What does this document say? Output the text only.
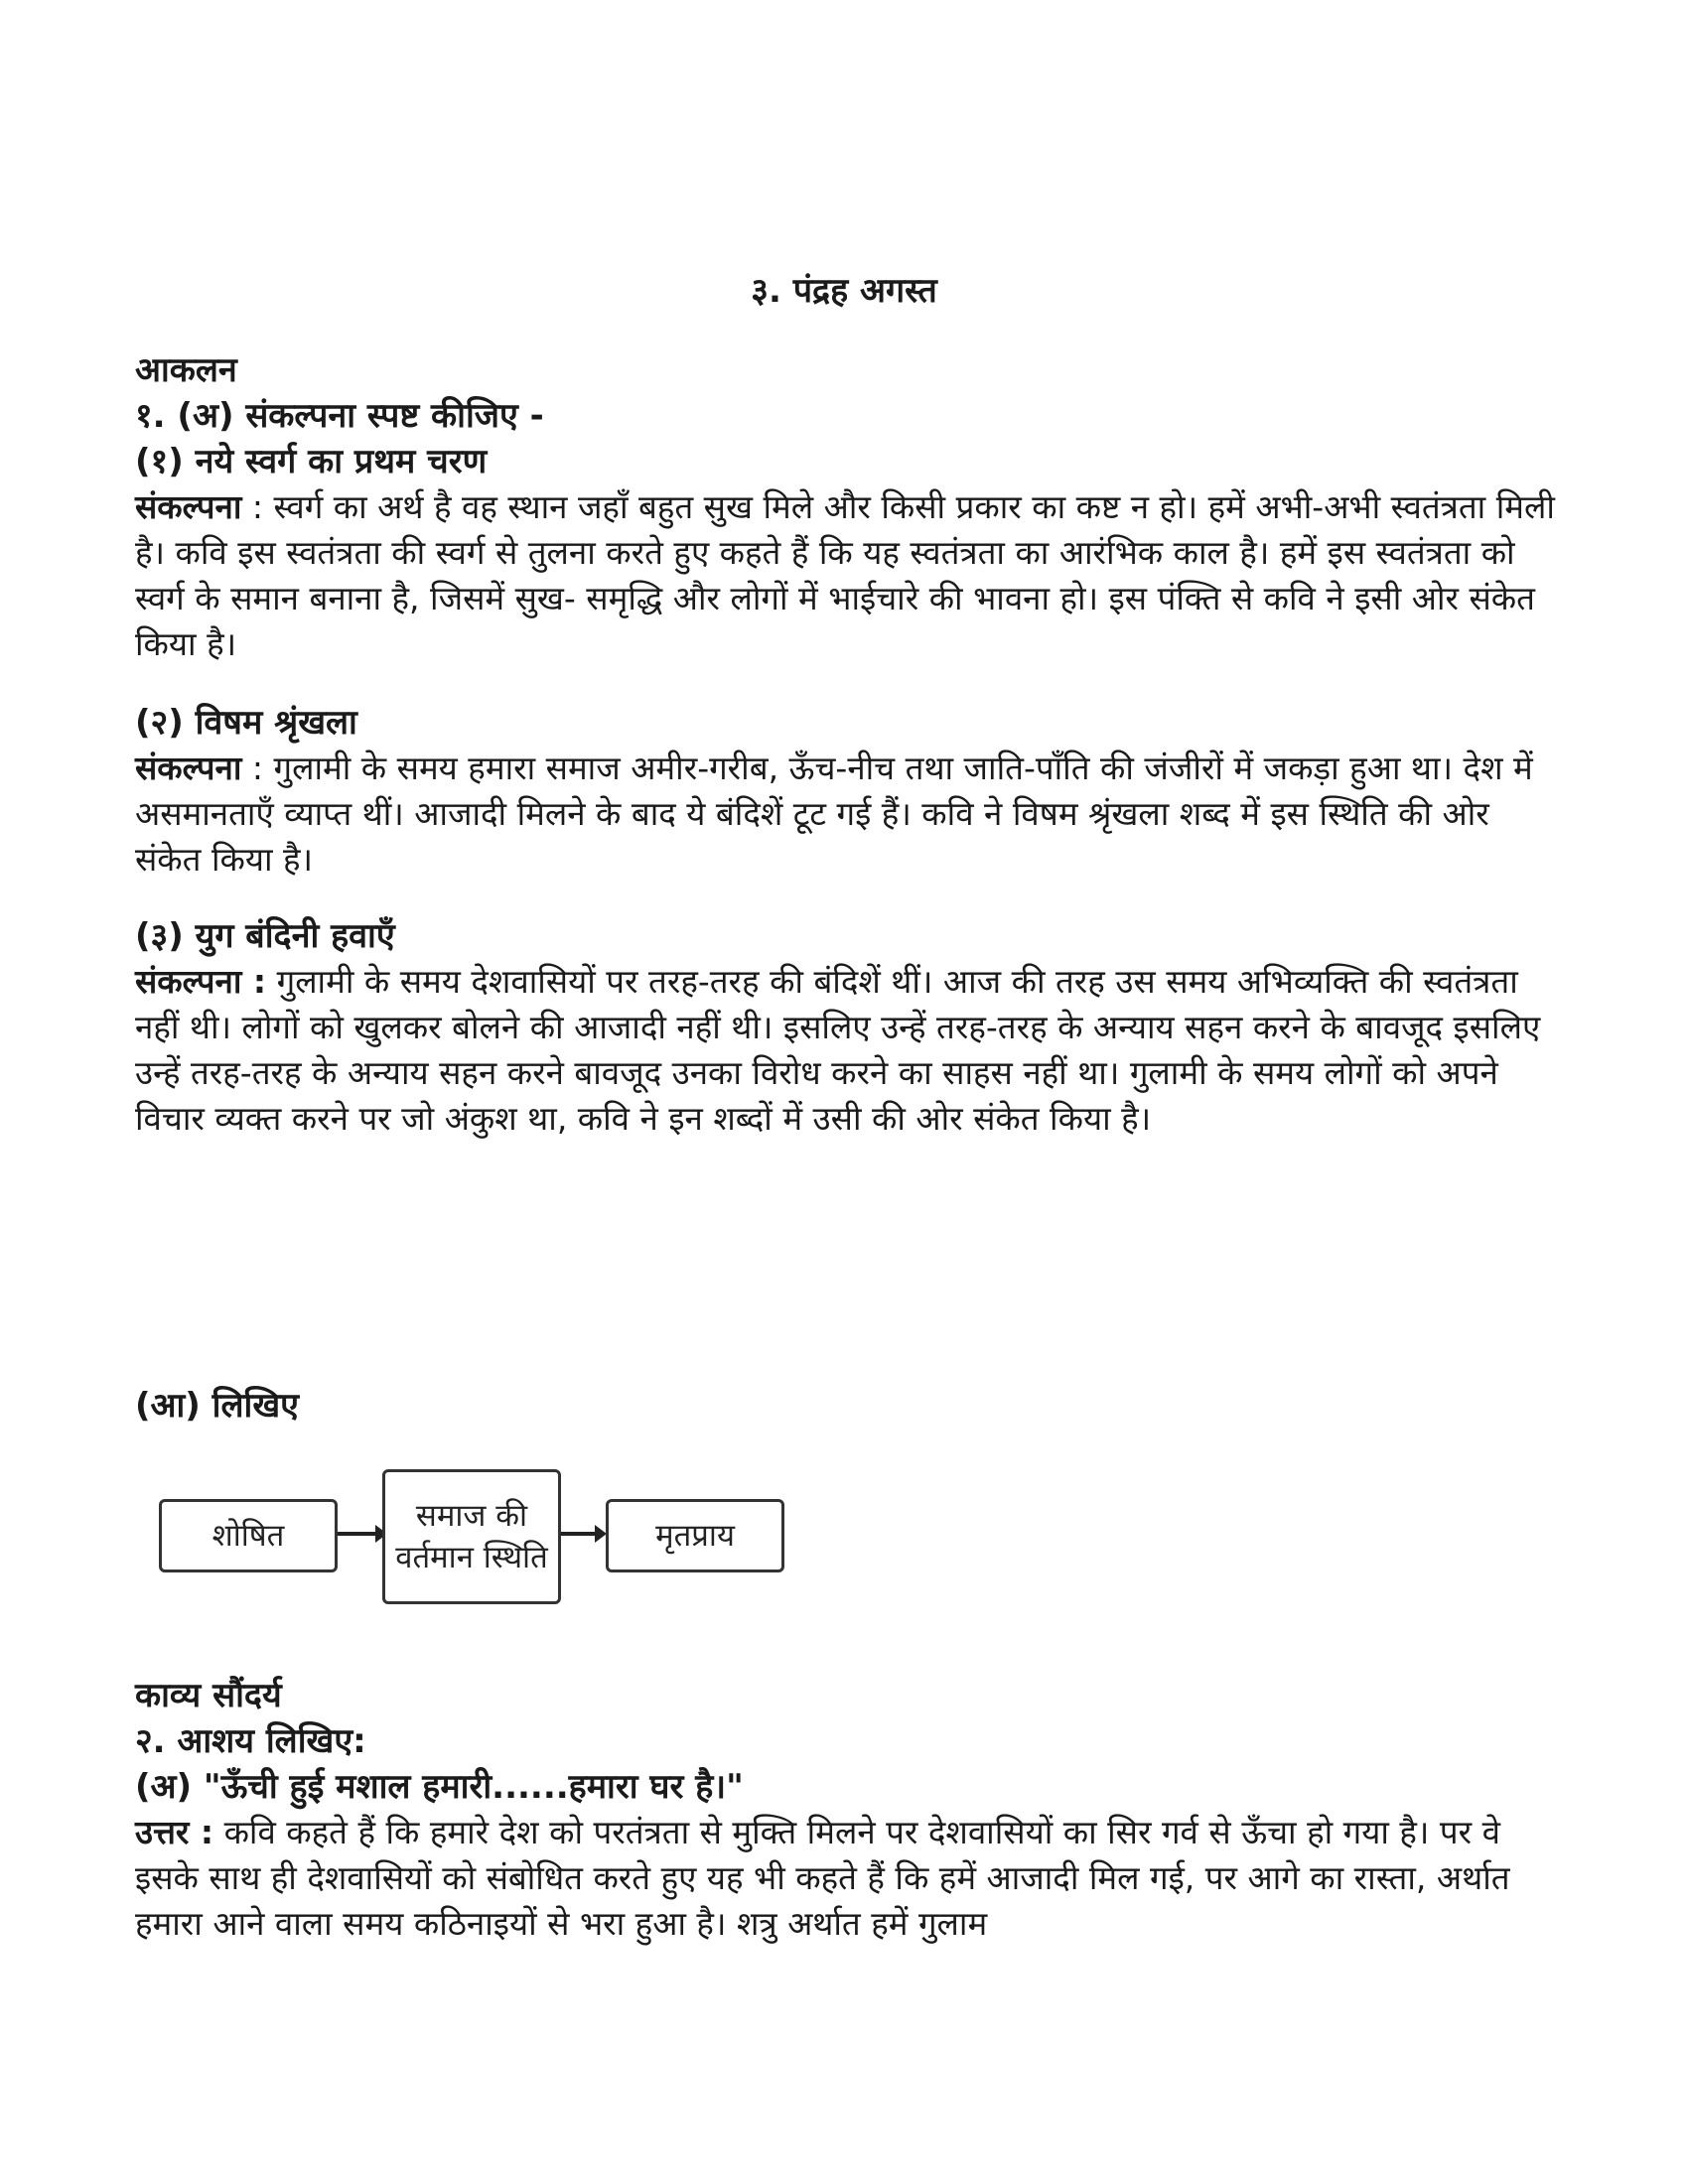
३. पंद्रह अगस्त
आकलन
१. (अ) संकल्पना स्पष्ट कीजिए -
(१) नये स्वर्ग का प्रथम चरण
संकल्पना : स्वर्ग का अर्थ है वह स्थान जहाँ बहुत सुख मिले और किसी प्रकार का कष्ट न हो। हमें अभी-अभी स्वतंत्रता मिली है। कवि इस स्वतंत्रता की स्वर्ग से तुलना करते हुए कहते हैं कि यह स्वतंत्रता का आरंभिक काल है। हमें इस स्वतंत्रता को स्वर्ग के समान बनाना है, जिसमें सुख- समृद्धि और लोगों में भाईचारे की भावना हो। इस पंक्ति से कवि ने इसी ओर संकेत किया है।
(२) विषम श्रृंखला
संकल्पना : गुलामी के समय हमारा समाज अमीर-गरीब, ऊँच-नीच तथा जाति-पाँति की जंजीरों में जकड़ा हुआ था। देश में असमानताएँ व्याप्त थीं। आजादी मिलने के बाद ये बंदिशें टूट गई हैं। कवि ने विषम श्रृंखला शब्द में इस स्थिति की ओर संकेत किया है।
(३) युग बंदिनी हवाएँ
संकल्पना : गुलामी के समय देशवासियों पर तरह-तरह की बंदिशें थीं। आज की तरह उस समय अभिव्यक्ति की स्वतंत्रता नहीं थी। लोगों को खुलकर बोलने की आजादी नहीं थी। इसलिए उन्हें तरह-तरह के अन्याय सहन करने के बावजूद इसलिए उन्हें तरह-तरह के अन्याय सहन करने बावजूद उनका विरोध करने का साहस नहीं था। गुलामी के समय लोगों को अपने विचार व्यक्त करने पर जो अंकुश था, कवि ने इन शब्दों में उसी की ओर संकेत किया है।
(आ) लिखिए
शोषित
समाज की
वर्तमान स्थिति
मृतप्राय
काव्य सौंदर्य
२. आशय लिखिए:
(अ) "ऊँची हुई मशाल हमारी......हमारा घर है।"
उत्तर : कवि कहते हैं कि हमारे देश को परतंत्रता से मुक्ति मिलने पर देशवासियों का सिर गर्व से ऊँचा हो गया है। पर वे इसके साथ ही देशवासियों को संबोधित करते हुए यह भी कहते हैं कि हमें आजादी मिल गई, पर आगे का रास्ता, अर्थात हमारा आने वाला समय कठिनाइयों से भरा हुआ है। शत्रु अर्थात हमें गुलाम
